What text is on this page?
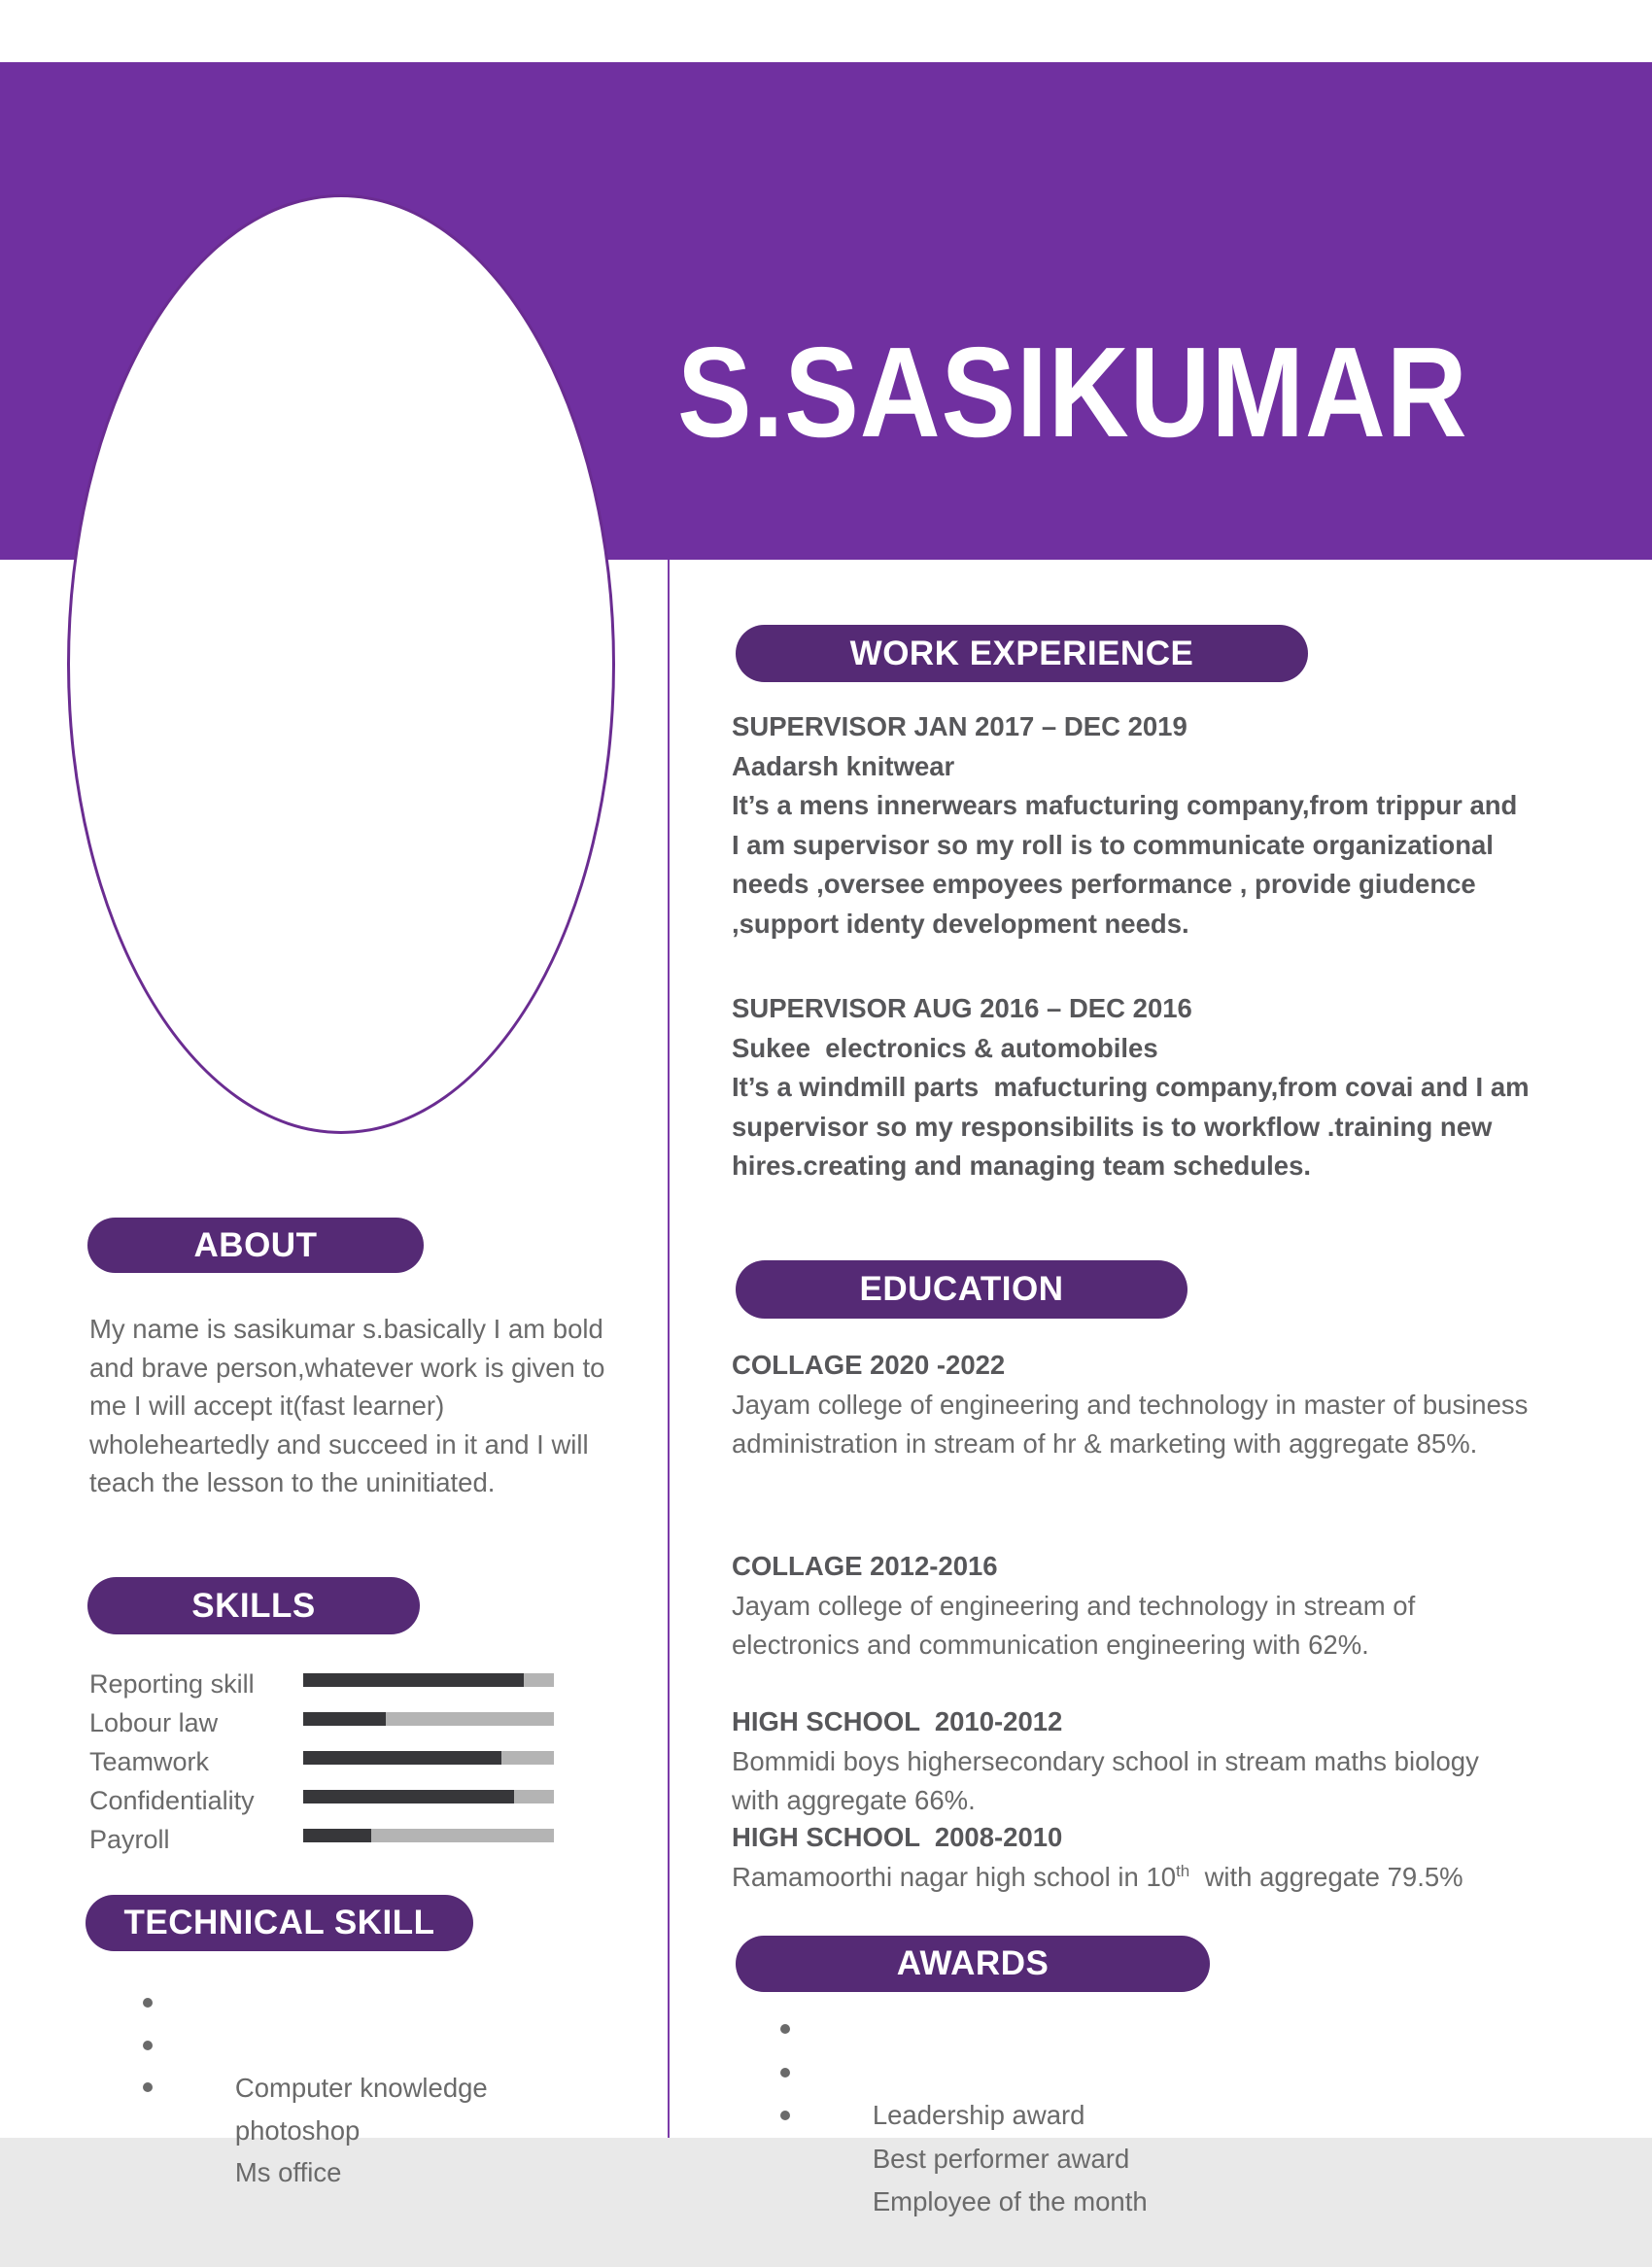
S.SASIKUMAR
WORK EXPERIENCE
SUPERVISOR JAN 2017 – DEC 2019
Aadarsh knitwear
It’s a mens innerwears mafucturing company,from trippur and I am supervisor so my roll is to communicate organizational needs ,oversee empoyees performance , provide giudence ,support identy development needs.
SUPERVISOR AUG 2016 – DEC 2016
Sukee  electronics & automobiles
It’s a windmill parts  mafucturing company,from covai and I am supervisor so my responsibilits is to workflow .training new hires.creating and managing team schedules.
EDUCATION
COLLAGE 2020 -2022
Jayam college of engineering and technology in master of business administration in stream of hr & marketing with aggregate 85%.
COLLAGE 2012-2016
Jayam college of engineering and technology in stream of electronics and communication engineering with 62%.
HIGH SCHOOL  2010-2012
Bommidi boys highersecondary school in stream maths biology with aggregate 66%.
HIGH SCHOOL  2008-2010
Ramamoorthi nagar high school in 10th  with aggregate 79.5%
AWARDS

Leadership award

Best performer award

Employee of the month

ABOUT
My name is sasikumar s.basically I am bold and brave person,whatever work is given to me I will accept it(fast learner) wholeheartedly and succeed in it and I will teach the lesson to the uninitiated.
SKILLS
Reporting skill
Lobour law
Teamwork
Confidentiality
Payroll
TECHNICAL SKILL

Computer knowledge

photoshop

Ms office
